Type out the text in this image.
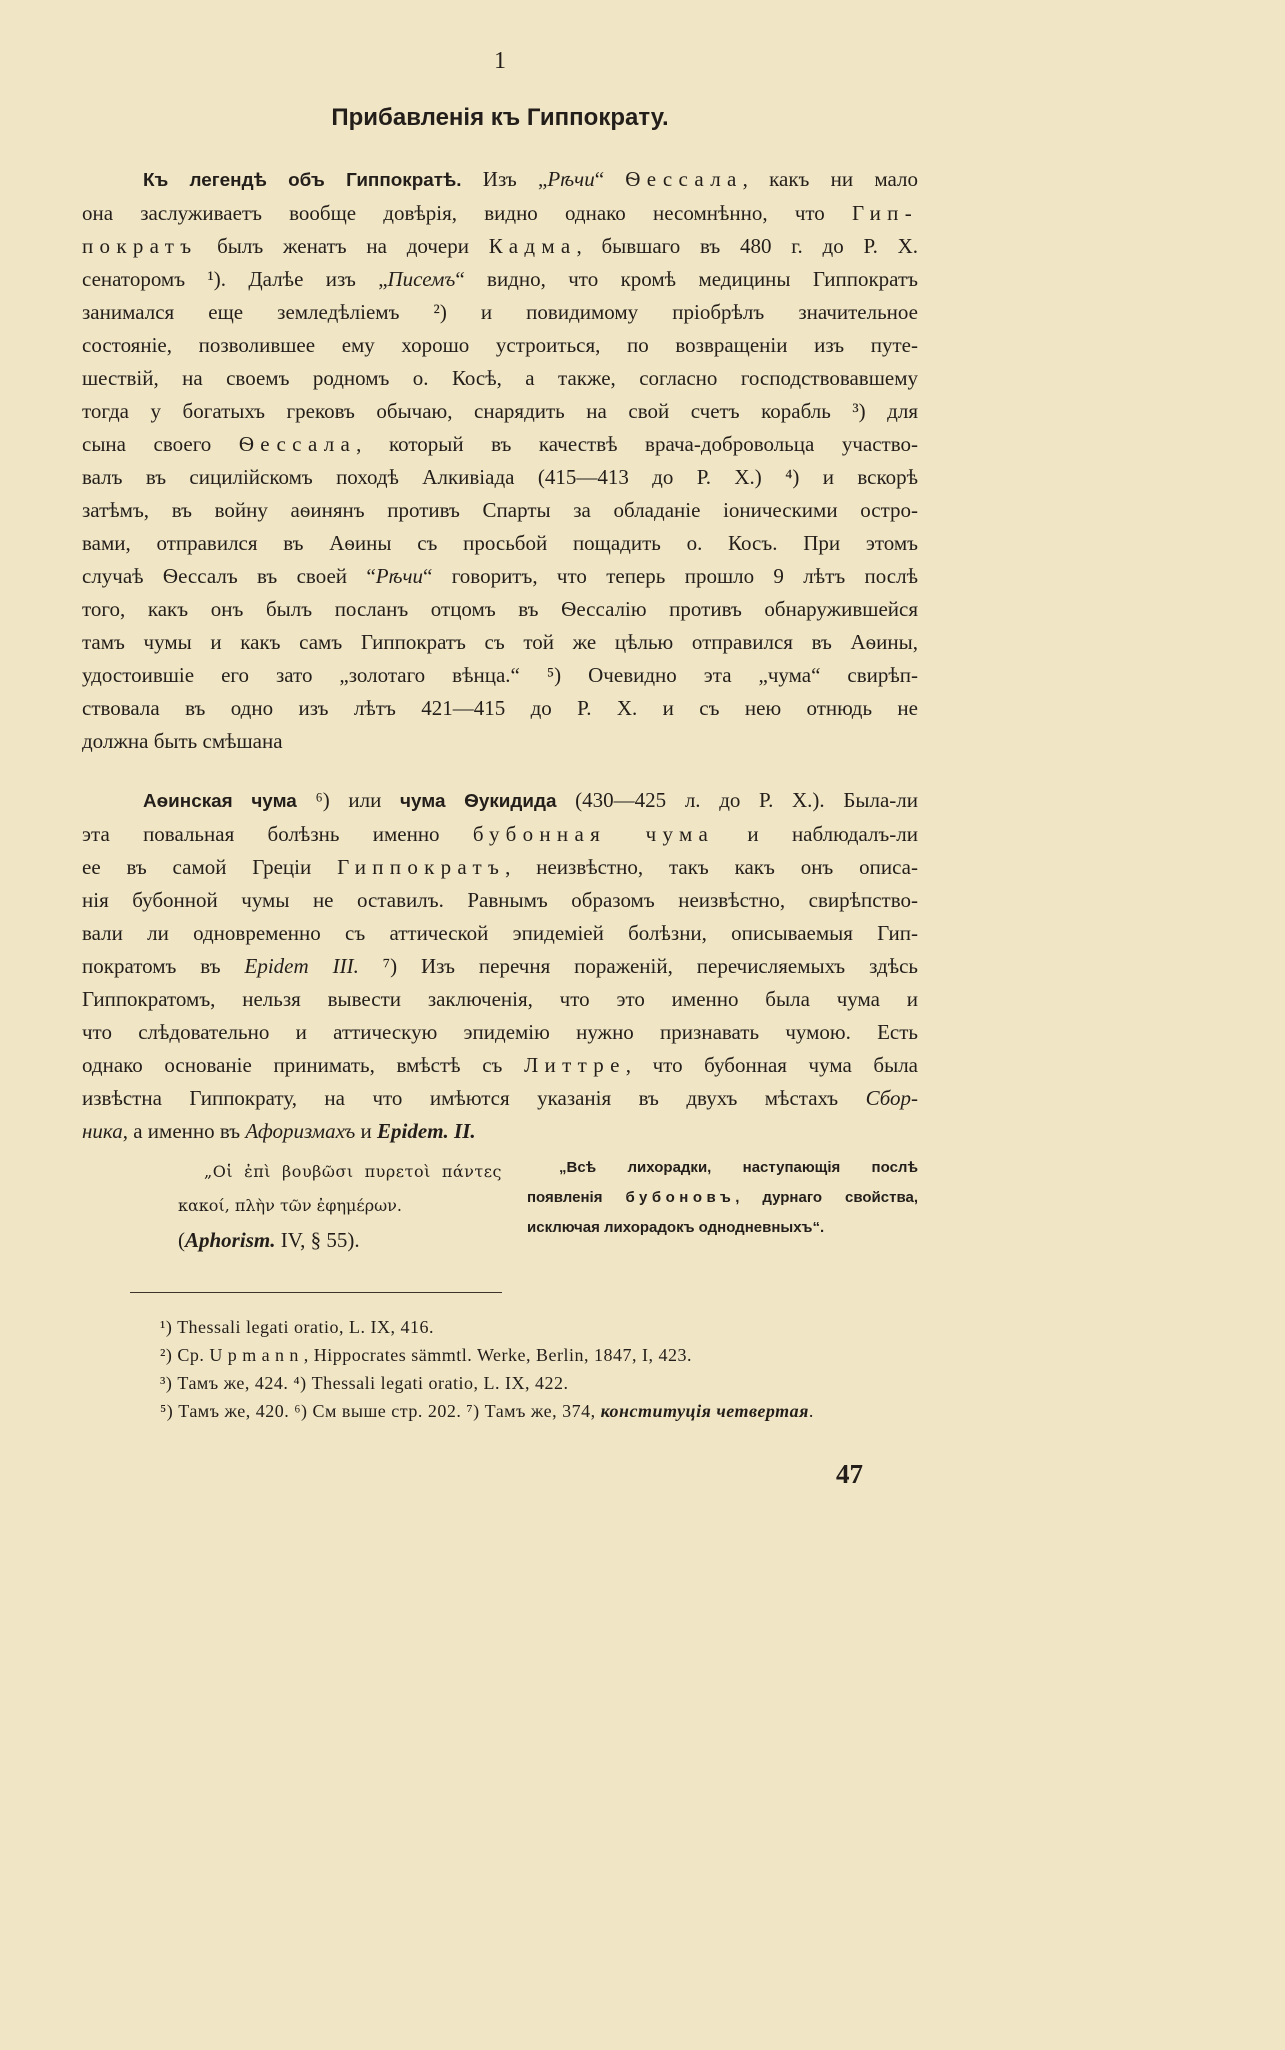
1
Прибавленія къ Гиппократу.
Къ легендѣ объ Гиппократѣ. Изъ „Рѣчи“ Ѳессала, какъ ни мало
она заслуживаетъ вообще довѣрія, видно однако несомнѣнно, что Гип-
пократъ былъ женатъ на дочери Кадма, бывшаго въ 480 г. до Р. Х.
сенаторомъ ¹). Далѣе изъ „Писемъ“ видно, что кромѣ медицины Гиппократъ
занимался еще земледѣліемъ ²) и повидимому пріобрѣлъ значительное
состояніе, позволившее ему хорошо устроиться, по возвращеніи изъ путе-
шествій, на своемъ родномъ о. Косѣ, а также, согласно господствовавшему
тогда у богатыхъ грековъ обычаю, снарядить на свой счетъ корабль ³) для
сына своего Ѳессала, который въ качествѣ врача-добровольца участво-
валъ въ сицилійскомъ походѣ Алкивіада (415—413 до Р. Х.) ⁴) и вскорѣ
затѣмъ, въ войну аѳинянъ противъ Спарты за обладаніе іоническими остро-
вами, отправился въ Аѳины съ просьбой пощадить о. Косъ. При этомъ
случаѣ Ѳессалъ въ своей “Рѣчи“ говоритъ, что теперь прошло 9 лѣтъ послѣ
того, какъ онъ былъ посланъ отцомъ въ Ѳессалію противъ обнаружившейся
тамъ чумы и какъ самъ Гиппократъ съ той же цѣлью отправился въ Аѳины,
удостоившіе его зато „золотаго вѣнца.“ ⁵) Очевидно эта „чума“ свирѣп-
ствовала въ одно изъ лѣтъ 421—415 до Р. Х. и съ нею отнюдь не
должна быть смѣшана
Аѳинская чума ⁶) или чума Ѳукидида (430—425 л. до Р. Х.). Была-ли
эта повальная болѣзнь именно бубонная чума и наблюдалъ-ли
ее въ самой Греціи Гиппократъ, неизвѣстно, такъ какъ онъ описа-
нія бубонной чумы не оставилъ. Равнымъ образомъ неизвѣстно, свирѣпство-
вали ли одновременно съ аттической эпидеміей болѣзни, описываемыя Гип-
пократомъ въ Epidem III. ⁷) Изъ перечня пораженій, перечисляемыхъ здѣсь
Гиппократомъ, нельзя вывести заключенія, что это именно была чума и
что слѣдовательно и аттическую эпидемію нужно признавать чумою. Есть
однако основаніе принимать, вмѣстѣ съ Литтре, что бубонная чума была
извѣстна Гиппократу, на что имѣются указанія въ двухъ мѣстахъ Сбор-
ника, а именно въ Афоризмахъ и Epidem. II.
„Οἱ ἐπὶ βουβῶσι πυρετοὶ πάντες
κακοί, πλὴν τῶν ἐφημέρων.
(Aphorism. IV, § 55).
„Всѣ лихорадки, наступающія послѣ
появленія бубоновъ, дурнаго свойства,
исключая лихорадокъ однодневныхъ“.
¹) Thessali legati oratio, L. IX, 416.
²) Ср. Upmann, Hippocrates sämmtl. Werke, Berlin, 1847, I, 423.
³) Тамъ же, 424. ⁴) Thessali legati oratio, L. IX, 422.
⁵) Тамъ же, 420. ⁶) См выше стр. 202. ⁷) Тамъ же, 374, конституція четвертая.
47
